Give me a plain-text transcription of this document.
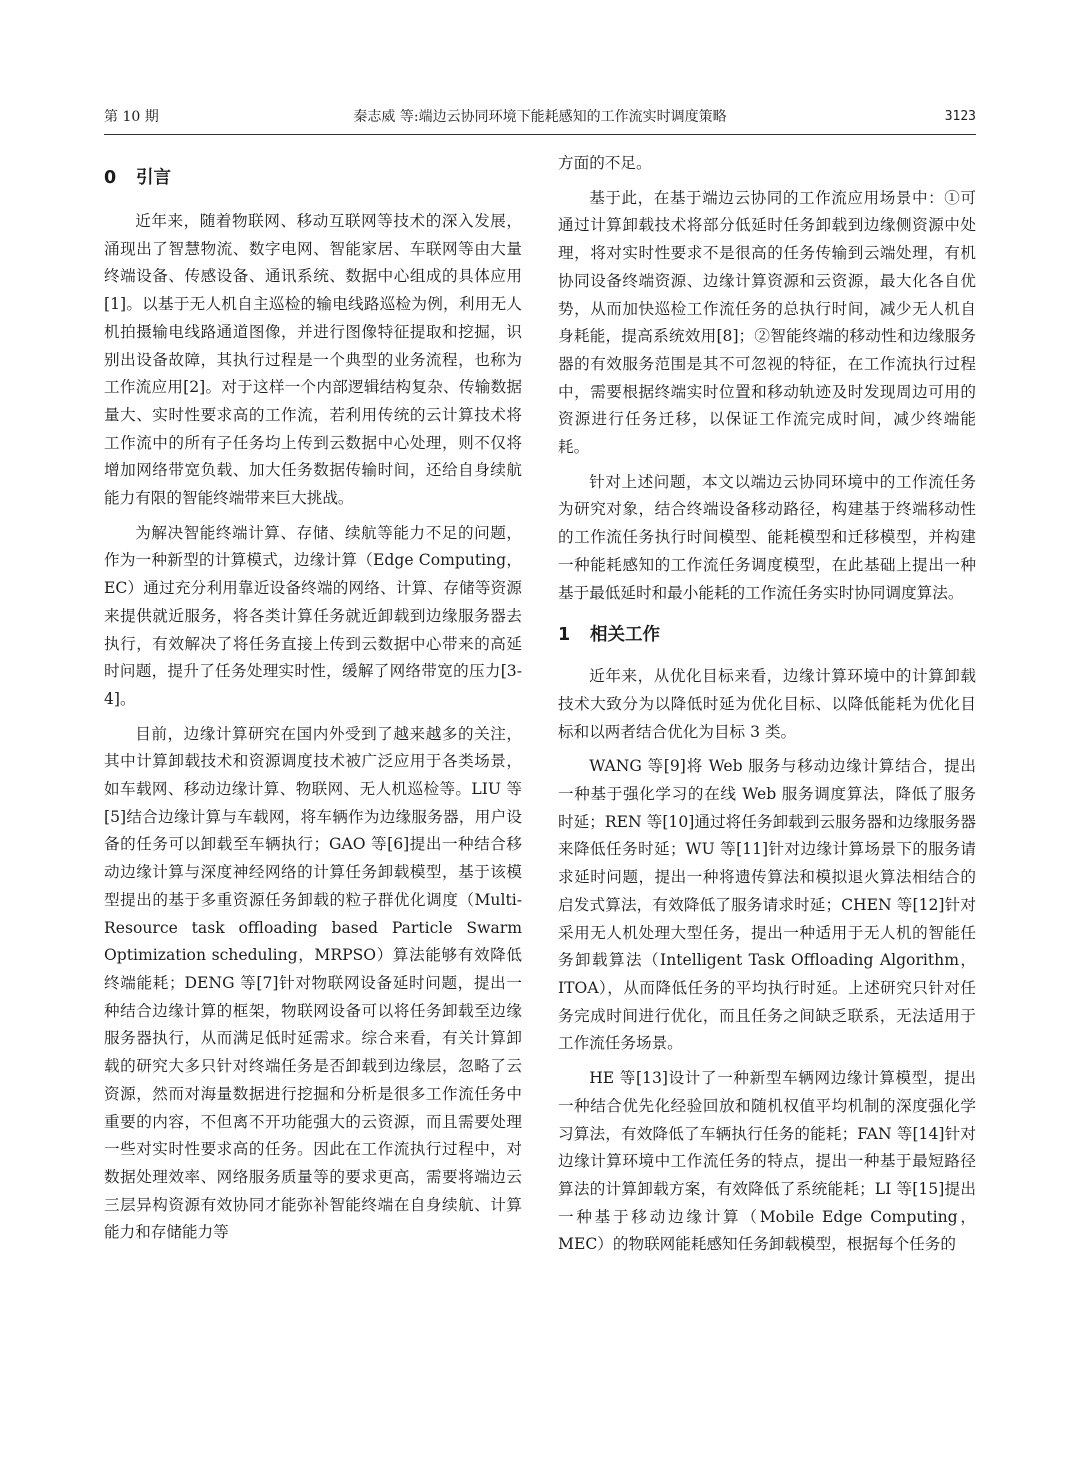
第 10 期	秦志威 等:端边云协同环境下能耗感知的工作流实时调度策略	3123
0 引言

近年来，随着物联网、移动互联网等技术的深入发展，涌现出了智慧物流、数字电网、智能家居、车联网等由大量终端设备、传感设备、通讯系统、数据中心组成的具体应用[1]。以基于无人机自主巡检的输电线路巡检为例，利用无人机拍摄输电线路通道图像，并进行图像特征提取和挖掘，识别出设备故障，其执行过程是一个典型的业务流程，也称为工作流应用[2]。对于这样一个内部逻辑结构复杂、传输数据量大、实时性要求高的工作流，若利用传统的云计算技术将工作流中的所有子任务均上传到云数据中心处理，则不仅将增加网络带宽负载、加大任务数据传输时间，还给自身续航能力有限的智能终端带来巨大挑战。

为解决智能终端计算、存储、续航等能力不足的问题，作为一种新型的计算模式，边缘计算（Edge Computing，EC）通过充分利用靠近设备终端的网络、计算、存储等资源来提供就近服务，将各类计算任务就近卸载到边缘服务器去执行，有效解决了将任务直接上传到云数据中心带来的高延时问题，提升了任务处理实时性，缓解了网络带宽的压力[3-4]。

目前，边缘计算研究在国内外受到了越来越多的关注，其中计算卸载技术和资源调度技术被广泛应用于各类场景，如车载网、移动边缘计算、物联网、无人机巡检等。LIU 等[5]结合边缘计算与车载网，将车辆作为边缘服务器，用户设备的任务可以卸载至车辆执行；GAO 等[6]提出一种结合移动边缘计算与深度神经网络的计算任务卸载模型，基于该模型提出的基于多重资源任务卸载的粒子群优化调度（Multi-Resource task offloading based Particle Swarm Optimization scheduling，MRPSO）算法能够有效降低终端能耗；DENG 等[7]针对物联网设备延时问题，提出一种结合边缘计算的框架，物联网设备可以将任务卸载至边缘服务器执行，从而满足低时延需求。综合来看，有关计算卸载的研究大多只针对终端任务是否卸载到边缘层，忽略了云资源，然而对海量数据进行挖掘和分析是很多工作流任务中重要的内容，不但离不开功能强大的云资源，而且需要处理一些对实时性要求高的任务。因此在工作流执行过程中，对数据处理效率、网络服务质量等的要求更高，需要将端边云三层异构资源有效协同才能弥补智能终端在自身续航、计算能力和存储能力等

方面的不足。

基于此，在基于端边云协同的工作流应用场景中：①可通过计算卸载技术将部分低延时任务卸载到边缘侧资源中处理，将对实时性要求不是很高的任务传输到云端处理，有机协同设备终端资源、边缘计算资源和云资源，最大化各自优势，从而加快巡检工作流任务的总执行时间，减少无人机自身耗能，提高系统效用[8]；②智能终端的移动性和边缘服务器的有效服务范围是其不可忽视的特征，在工作流执行过程中，需要根据终端实时位置和移动轨迹及时发现周边可用的资源进行任务迁移，以保证工作流完成时间，减少终端能耗。

针对上述问题，本文以端边云协同环境中的工作流任务为研究对象，结合终端设备移动路径，构建基于终端移动性的工作流任务执行时间模型、能耗模型和迁移模型，并构建一种能耗感知的工作流任务调度模型，在此基础上提出一种基于最低延时和最小能耗的工作流任务实时协同调度算法。

1 相关工作

近年来，从优化目标来看，边缘计算环境中的计算卸载技术大致分为以降低时延为优化目标、以降低能耗为优化目标和以两者结合优化为目标 3 类。

WANG 等[9]将 Web 服务与移动边缘计算结合，提出一种基于强化学习的在线 Web 服务调度算法，降低了服务时延；REN 等[10]通过将任务卸载到云服务器和边缘服务器来降低任务时延；WU 等[11]针对边缘计算场景下的服务请求延时问题，提出一种将遗传算法和模拟退火算法相结合的启发式算法，有效降低了服务请求时延；CHEN 等[12]针对采用无人机处理大型任务，提出一种适用于无人机的智能任务卸载算法（Intelligent Task Offloading Algorithm，ITOA），从而降低任务的平均执行时延。上述研究只针对任务完成时间进行优化，而且任务之间缺乏联系，无法适用于工作流任务场景。

HE 等[13]设计了一种新型车辆网边缘计算模型，提出一种结合优先化经验回放和随机权值平均机制的深度强化学习算法，有效降低了车辆执行任务的能耗；FAN 等[14]针对边缘计算环境中工作流任务的特点，提出一种基于最短路径算法的计算卸载方案，有效降低了系统能耗；LI 等[15]提出一种基于移动边缘计算（Mobile Edge Computing，MEC）的物联网能耗感知任务卸载模型，根据每个任务的
